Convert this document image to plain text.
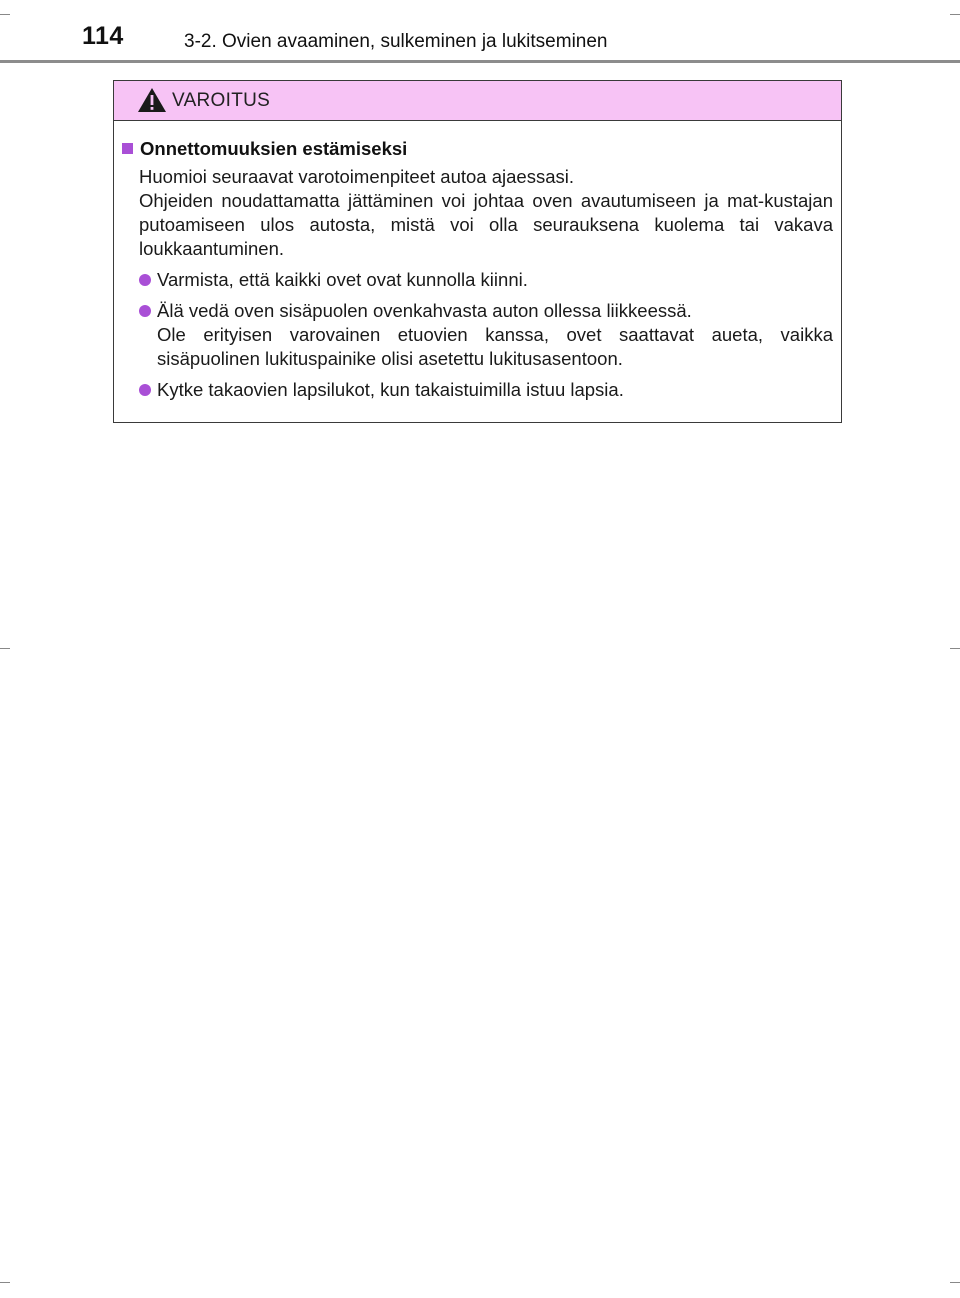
114	3-2. Ovien avaaminen, sulkeminen ja lukitseminen
VAROITUS
Onnettomuuksien estämiseksi
Huomioi seuraavat varotoimenpiteet autoa ajaessasi.
Ohjeiden noudattamatta jättäminen voi johtaa oven avautumiseen ja mat-kustajan putoamiseen ulos autosta, mistä voi olla seurauksena kuolema tai vakava loukkaantuminen.
Varmista, että kaikki ovet ovat kunnolla kiinni.
Älä vedä oven sisäpuolen ovenkahvasta auton ollessa liikkeessä.
Ole erityisen varovainen etuovien kanssa, ovet saattavat aueta, vaikka sisäpuolinen lukituspainike olisi asetettu lukitusasentoon.
Kytke takaovien lapsilukot, kun takaistuimilla istuu lapsia.
